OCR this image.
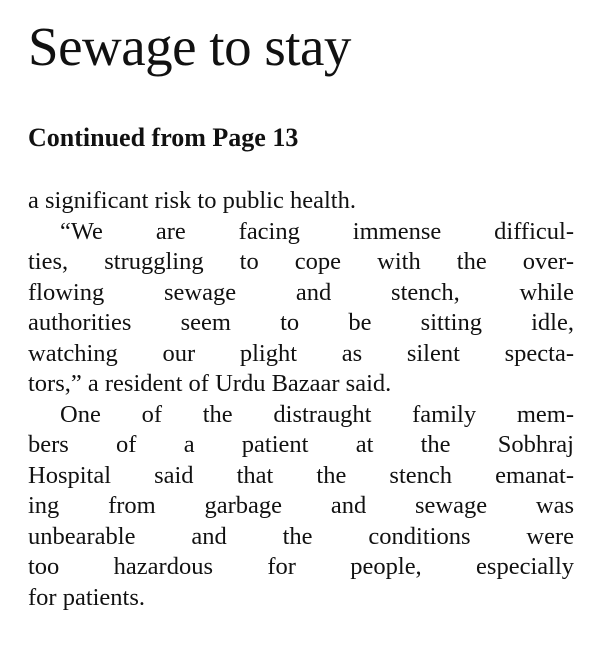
Sewage to stay
Continued from Page 13
a significant risk to public health.
“We are facing immense difficul-
ties, struggling to cope with the over-
flowing sewage and stench, while
authorities seem to be sitting idle,
watching our plight as silent specta-
tors,” a resident of Urdu Bazaar said.
One of the distraught family mem-
bers of a patient at the Sobhraj
Hospital said that the stench emanat-
ing from garbage and sewage was
unbearable and the conditions were
too hazardous for people, especially
for patients.
